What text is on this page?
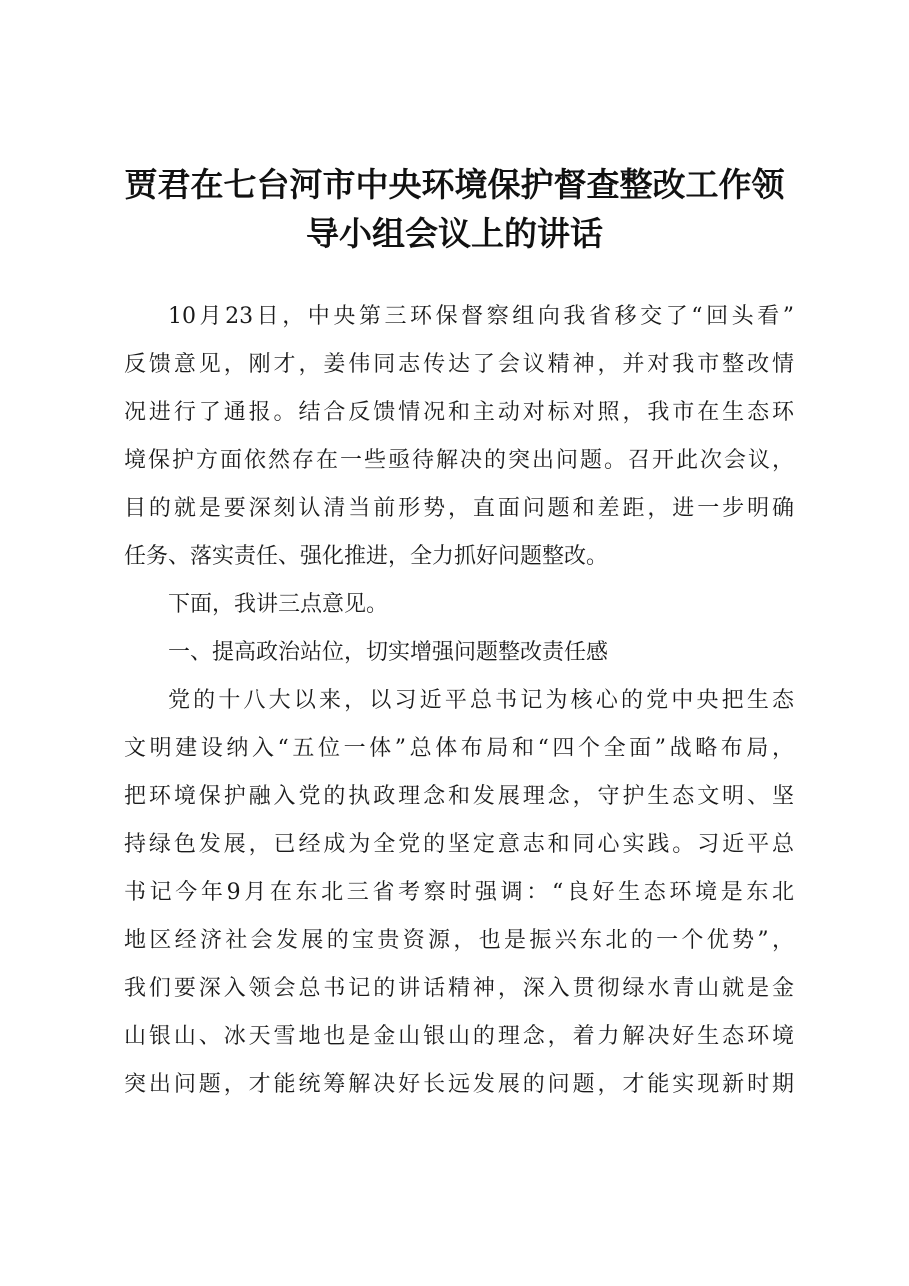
贾君在七台河市中央环境保护督查整改工作领
导小组会议上的讲话
10月23日，中央第三环保督察组向我省移交了“回头看”
反馈意见，刚才，姜伟同志传达了会议精神，并对我市整改情
况进行了通报。结合反馈情况和主动对标对照，我市在生态环
境保护方面依然存在一些亟待解决的突出问题。召开此次会议，
目的就是要深刻认清当前形势，直面问题和差距，进一步明确
任务、落实责任、强化推进，全力抓好问题整改。
下面，我讲三点意见。
一、提高政治站位，切实增强问题整改责任感
党的十八大以来，以习近平总书记为核心的党中央把生态
文明建设纳入“五位一体”总体布局和“四个全面”战略布局，
把环境保护融入党的执政理念和发展理念，守护生态文明、坚
持绿色发展，已经成为全党的坚定意志和同心实践。习近平总
书记今年9月在东北三省考察时强调：“良好生态环境是东北
地区经济社会发展的宝贵资源，也是振兴东北的一个优势”，
我们要深入领会总书记的讲话精神，深入贯彻绿水青山就是金
山银山、冰天雪地也是金山银山的理念，着力解决好生态环境
突出问题，才能统筹解决好长远发展的问题，才能实现新时期
